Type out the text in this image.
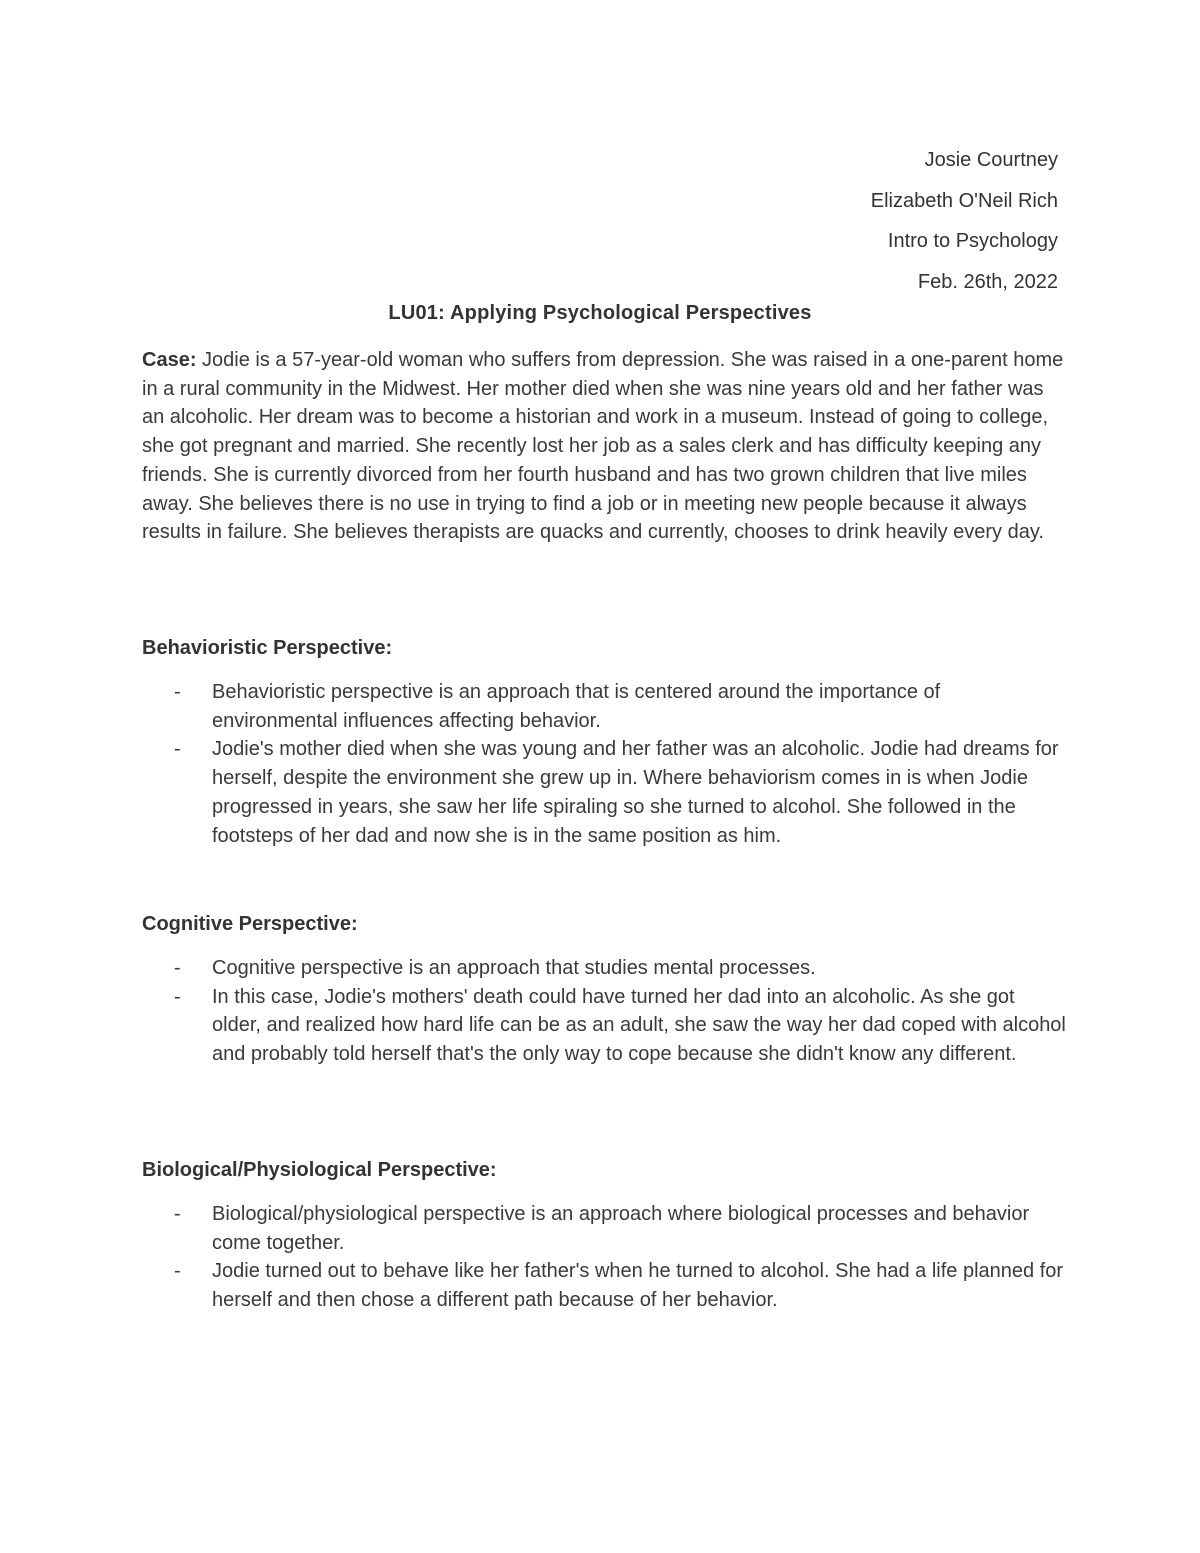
Josie Courtney
Elizabeth O'Neil Rich
Intro to Psychology
Feb. 26th, 2022
LU01: Applying Psychological Perspectives
Case: Jodie is a 57-year-old woman who suffers from depression. She was raised in a one-parent home in a rural community in the Midwest. Her mother died when she was nine years old and her father was an alcoholic. Her dream was to become a historian and work in a museum. Instead of going to college, she got pregnant and married. She recently lost her job as a sales clerk and has difficulty keeping any friends. She is currently divorced from her fourth husband and has two grown children that live miles away. She believes there is no use in trying to find a job or in meeting new people because it always results in failure. She believes therapists are quacks and currently, chooses to drink heavily every day.
Behavioristic Perspective:
- Behavioristic perspective is an approach that is centered around the importance of environmental influences affecting behavior.
- Jodie's mother died when she was young and her father was an alcoholic. Jodie had dreams for herself, despite the environment she grew up in. Where behaviorism comes in is when Jodie progressed in years, she saw her life spiraling so she turned to alcohol. She followed in the footsteps of her dad and now she is in the same position as him.
Cognitive Perspective:
- Cognitive perspective is an approach that studies mental processes.
- In this case, Jodie's mothers' death could have turned her dad into an alcoholic. As she got older, and realized how hard life can be as an adult, she saw the way her dad coped with alcohol and probably told herself that's the only way to cope because she didn't know any different.
Biological/Physiological Perspective:
- Biological/physiological perspective is an approach where biological processes and behavior come together.
- Jodie turned out to behave like her father's when he turned to alcohol. She had a life planned for herself and then chose a different path because of her behavior.
